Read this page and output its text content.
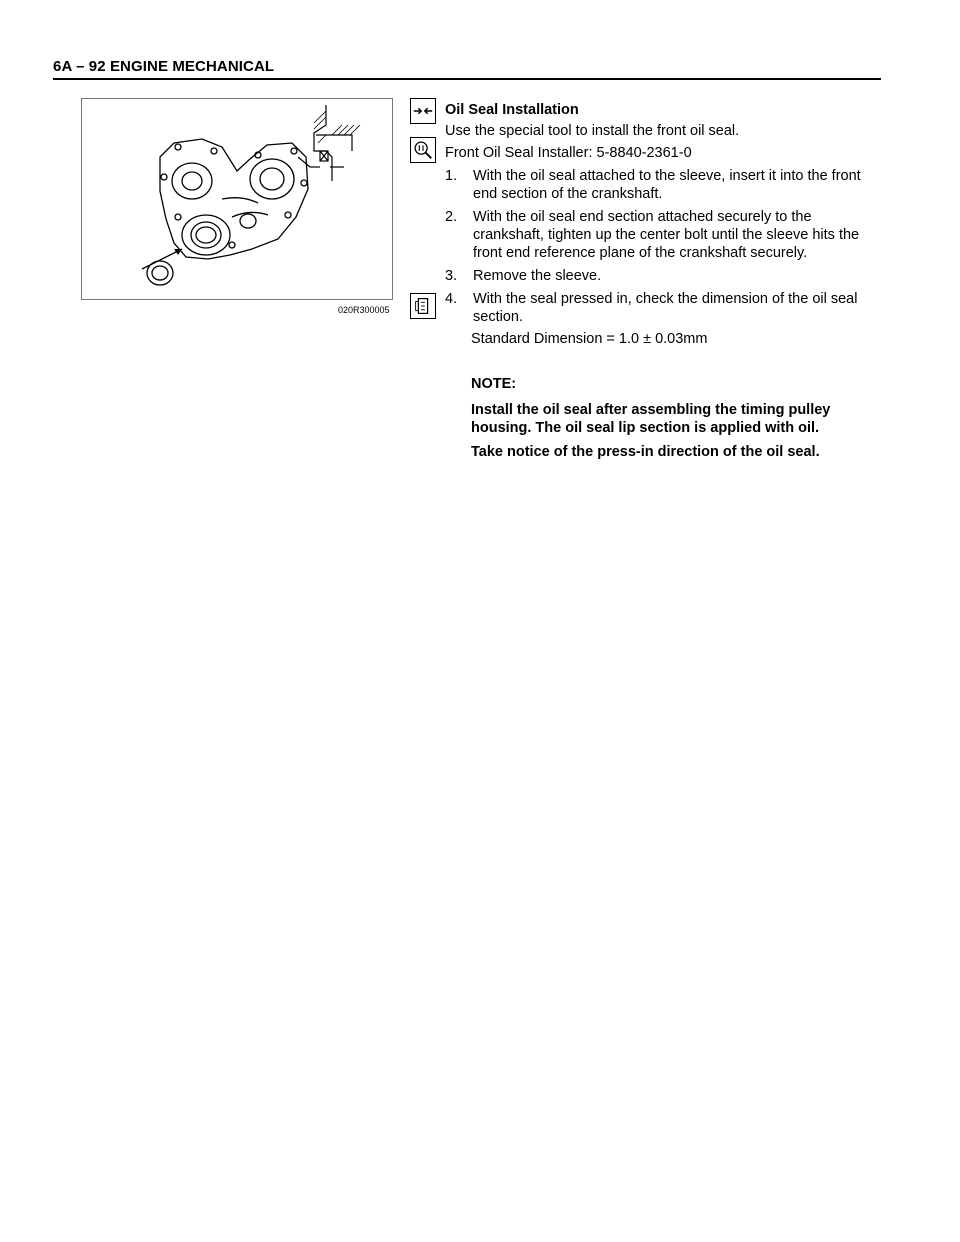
6A – 92 ENGINE MECHANICAL
020R300005
Oil Seal Installation
Use the special tool to install the front oil seal.
Front Oil Seal Installer: 5-8840-2361-0
1. With the oil seal attached to the sleeve, insert it into the front end section of the crankshaft.
2. With the oil seal end section attached securely to the crankshaft, tighten up the center bolt until the sleeve hits the front end reference plane of the crankshaft securely.
3. Remove the sleeve.
4. With the seal pressed in, check the dimension of the oil seal section.
Standard Dimension = 1.0 ± 0.03mm
NOTE:
Install the oil seal after assembling the timing pulley housing. The oil seal lip section is applied with oil.
Take notice of the press-in direction of the oil seal.
